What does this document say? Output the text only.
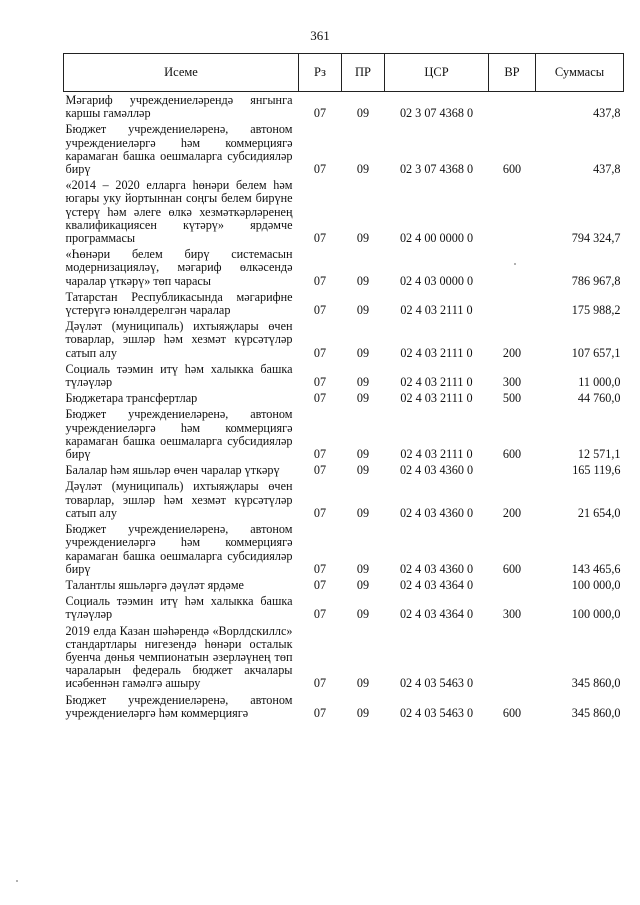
361
Исеме	Рз	ПР	ЦСР	ВР	Суммасы
Мәгариф учреждениеләрендә янгынга каршы гамәлләр	07	09	02 3 07 4368 0		437,8
Бюджет учреждениеләренә, автоном учреждениеләргә һәм коммерциягә карамаган башка оешмаларга субсидияләр бирү	07	09	02 3 07 4368 0	600	437,8
«2014 – 2020 елларга һөнәри белем һәм югары уку йортыннан соңгы белем бирүне үстерү һәм әлеге өлкә хезмәткәрләренең квалификациясен күтәрү» ярдәмче программасы	07	09	02 4 00 0000 0		794 324,7
«Һөнәри белем бирү системасын модернизацияләү, мәгариф өлкәсендә чаралар үткәрү» төп чарасы	07	09	02 4 03 0000 0		786 967,8
Татарстан Республикасында мәгарифне үстерүгә юнәлдерелгән чаралар	07	09	02 4 03 2111 0		175 988,2
Дәүләт (муниципаль) ихтыяҗлары өчен товарлар, эшләр һәм хезмәт күрсәтүләр сатып алу	07	09	02 4 03 2111 0	200	107 657,1
Социаль тәэмин итү һәм халыкка башка түләүләр	07	09	02 4 03 2111 0	300	11 000,0
Бюджетара трансфертлар	07	09	02 4 03 2111 0	500	44 760,0
Бюджет учреждениеләренә, автоном учреждениеләргә һәм коммерциягә карамаган башка оешмаларга субсидияләр бирү	07	09	02 4 03 2111 0	600	12 571,1
Балалар һәм яшьләр өчен чаралар үткәрү	07	09	02 4 03 4360 0		165 119,6
Дәүләт (муниципаль) ихтыяҗлары өчен товарлар, эшләр һәм хезмәт күрсәтүләр сатып алу	07	09	02 4 03 4360 0	200	21 654,0
Бюджет учреждениеләренә, автоном учреждениеләргә һәм коммерциягә карамаган башка оешмаларга субсидияләр бирү	07	09	02 4 03 4360 0	600	143 465,6
Талантлы яшьләргә дәүләт ярдәме	07	09	02 4 03 4364 0		100 000,0
Социаль тәэмин итү һәм халыкка башка түләүләр	07	09	02 4 03 4364 0	300	100 000,0
2019 елда Казан шәһәрендә «Ворлдскиллс» стандартлары нигезендә һөнәри осталык буенча дөнья чемпионатын әзерләүнең төп чараларын федераль бюджет акчалары исәбеннән гамәлгә ашыру	07	09	02 4 03 5463 0		345 860,0
Бюджет учреждениеләренә, автоном учреждениеләргә һәм коммерциягә	07	09	02 4 03 5463 0	600	345 860,0
